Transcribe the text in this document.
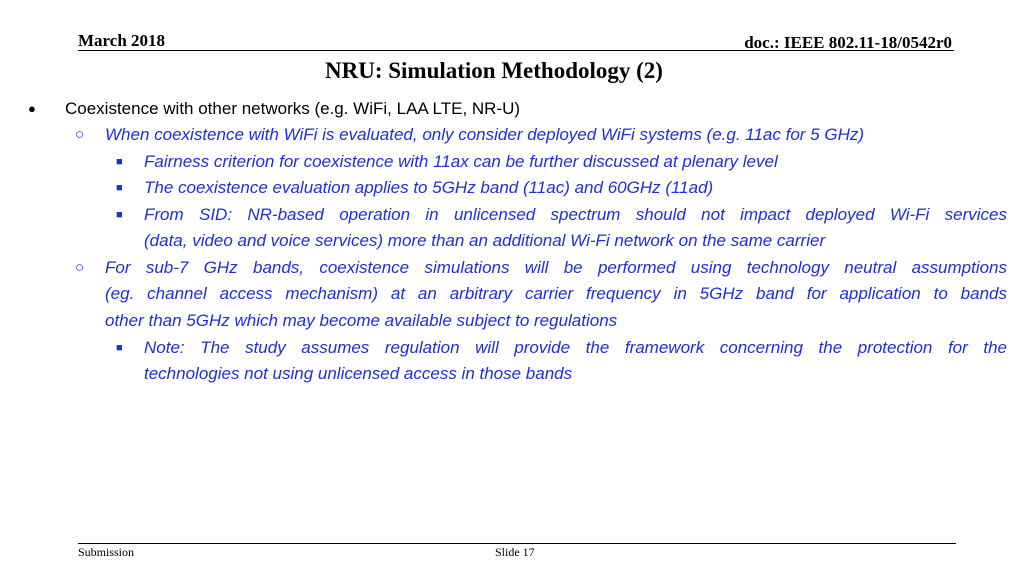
March 2018	doc.: IEEE 802.11-18/0542r0
NRU: Simulation Methodology (2)
● Coexistence with other networks (e.g. WiFi, LAA LTE, NR-U)
○ When coexistence with WiFi is evaluated, only consider deployed WiFi systems (e.g. 11ac for 5 GHz)
■ Fairness criterion for coexistence with 11ax can be further discussed at plenary level
■ The coexistence evaluation applies to 5GHz band (11ac) and 60GHz (11ad)
■ From SID: NR-based operation in unlicensed spectrum should not impact deployed Wi-Fi services
(data, video and voice services) more than an additional Wi-Fi network on the same carrier
○ For sub-7 GHz bands, coexistence simulations will be performed using technology neutral assumptions
(eg. channel access mechanism) at an arbitrary carrier frequency in 5GHz band for application to bands
other than 5GHz which may become available subject to regulations
■ Note: The study assumes regulation will provide the framework concerning the protection for the
technologies not using unlicensed access in those bands
Submission	Slide 17
